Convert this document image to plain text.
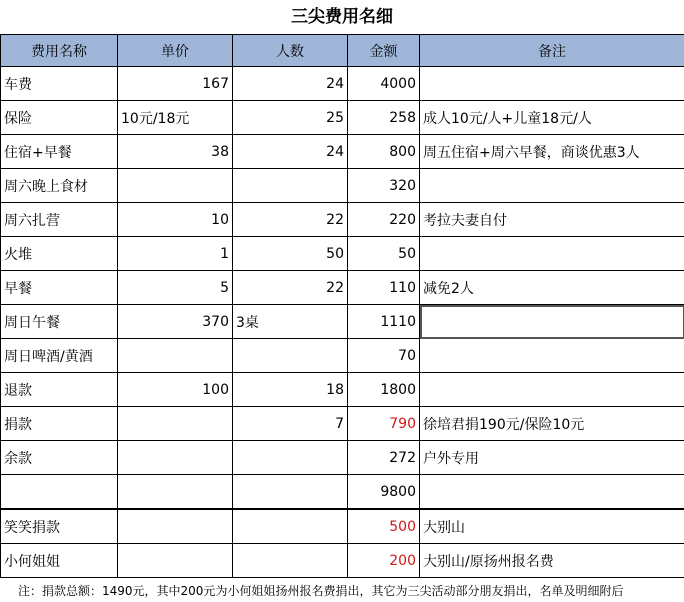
三尖费用名细
费用名称	单价	人数	金额	备注
车费	167	24	4000	
保险	10元/18元	25	258	成人10元/人+儿童18元/人
住宿+早餐	38	24	800	周五住宿+周六早餐，商谈优惠3人
周六晚上食材			320	
周六扎营	10	22	220	考拉夫妻自付
火堆	1	50	50	
早餐	5	22	110	减免2人
周日午餐	370	3桌	1110	
周日啤酒/黄酒			70	
退款	100	18	1800	
捐款		7	790	徐培君捐190元/保险10元
余款			272	户外专用
			9800	
笑笑捐款			500	大别山
小何姐姐			200	大别山/原扬州报名费
注：捐款总额：1490元，其中200元为小何姐姐扬州报名费捐出，其它为三尖活动部分朋友捐出，名单及明细附后
